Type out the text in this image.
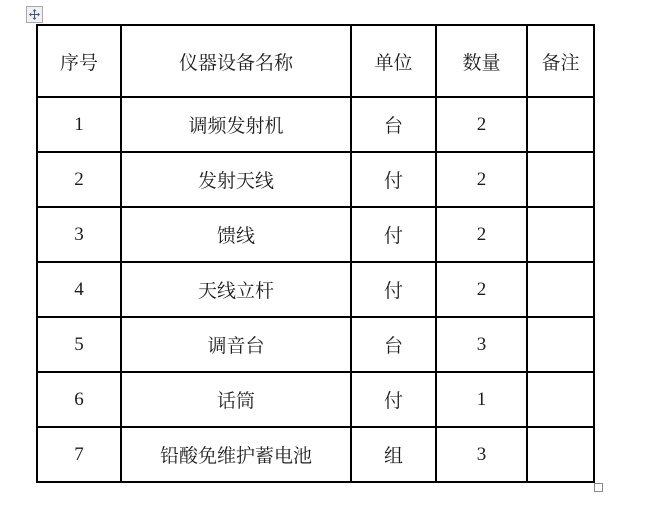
序号	仪器设备名称	单位	数量	备注
1	调频发射机	台	2	
2	发射天线	付	2	
3	馈线	付	2	
4	天线立杆	付	2	
5	调音台	台	3	
6	话筒	付	1	
7	铅酸免维护蓄电池	组	3	
